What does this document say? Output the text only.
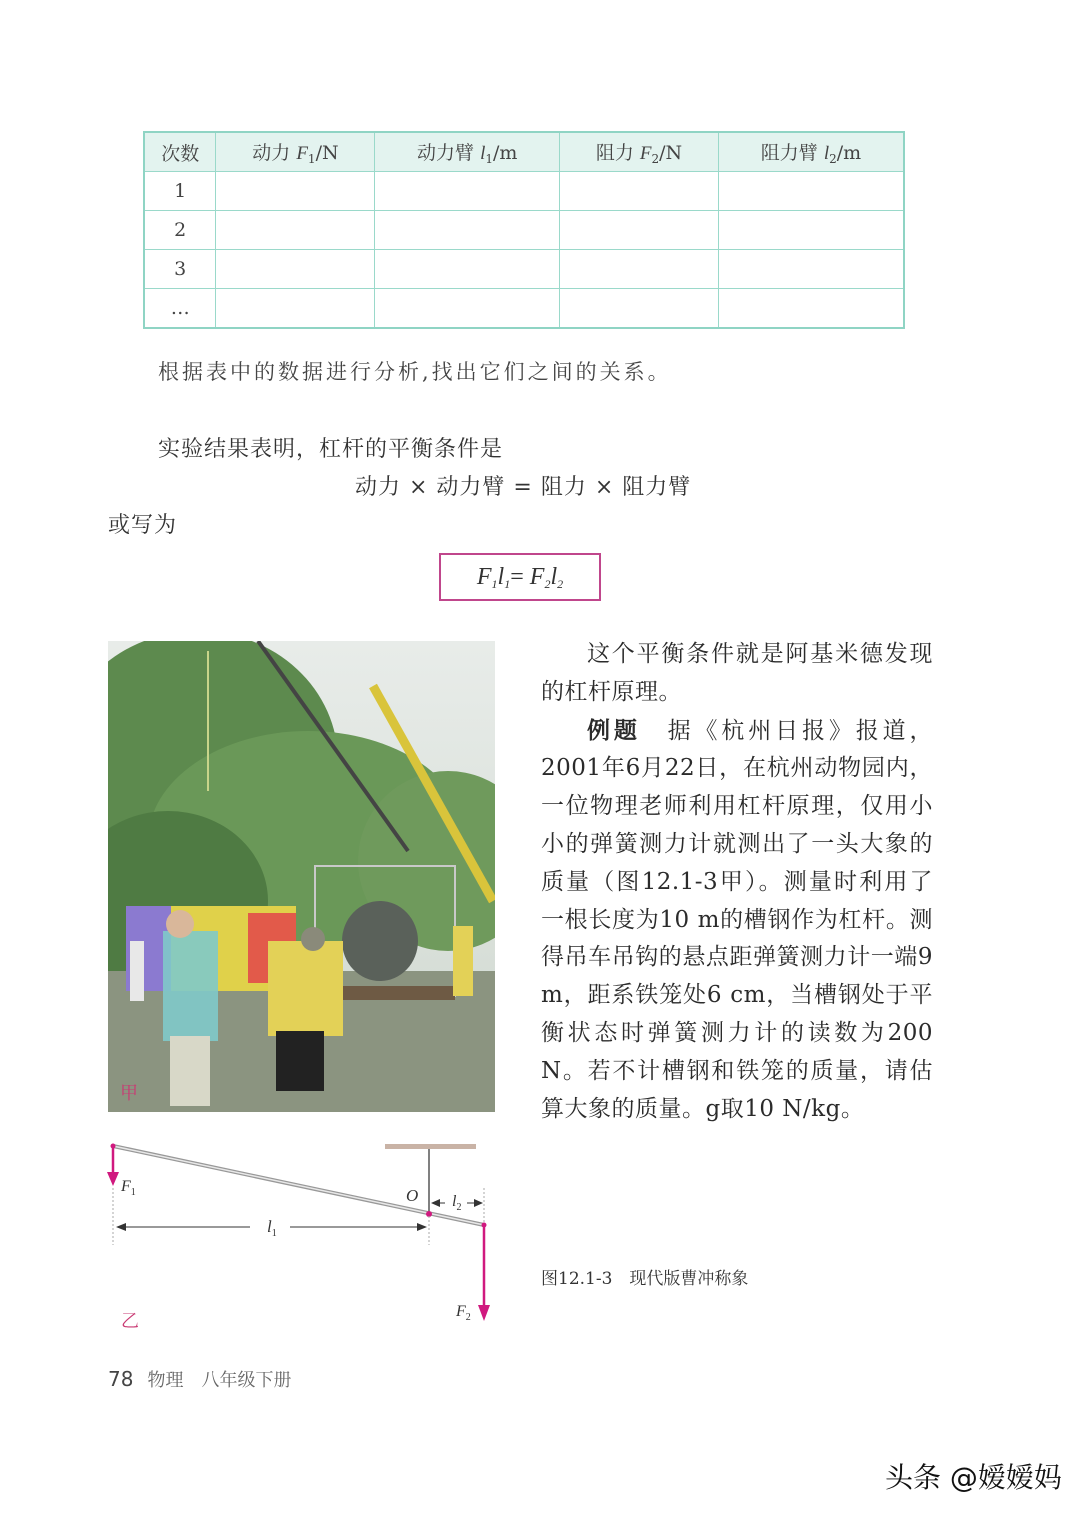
次数	动力 $F_1/N$	动力臂 $l_1/m$	阻力 $F_2/N$	阻力臂 $l_2/m$
1				
2				
3				
…				
根据表中的数据进行分析,找出它们之间的关系。
实验结果表明，杠杆的平衡条件是
动力 × 动力臂 = 阻力 × 阻力臂
或写为
$F_1l_1= F_2l_2$
甲
$F_1$	O
$l_1$
$l_2$
$F_2$
乙
这个平衡条件就是阿基米德发现的杠杆原理。
例题　据《杭州日报》报道，2001年6月22日，在杭州动物园内，一位物理老师利用杠杆原理，仅用小小的弹簧测力计就测出了一头大象的质量（图12.1-3甲）。测量时利用了一根长度为10 m的槽钢作为杠杆。测得吊车吊钩的悬点距弹簧测力计一端9 m，距系铁笼处6 cm，当槽钢处于平衡状态时弹簧测力计的读数为200 N。若不计槽钢和铁笼的质量，请估算大象的质量。g取10 N/kg。
图12.1-3　现代版曹冲称象
78 物理　八年级下册
头条 @嫒嫒妈
